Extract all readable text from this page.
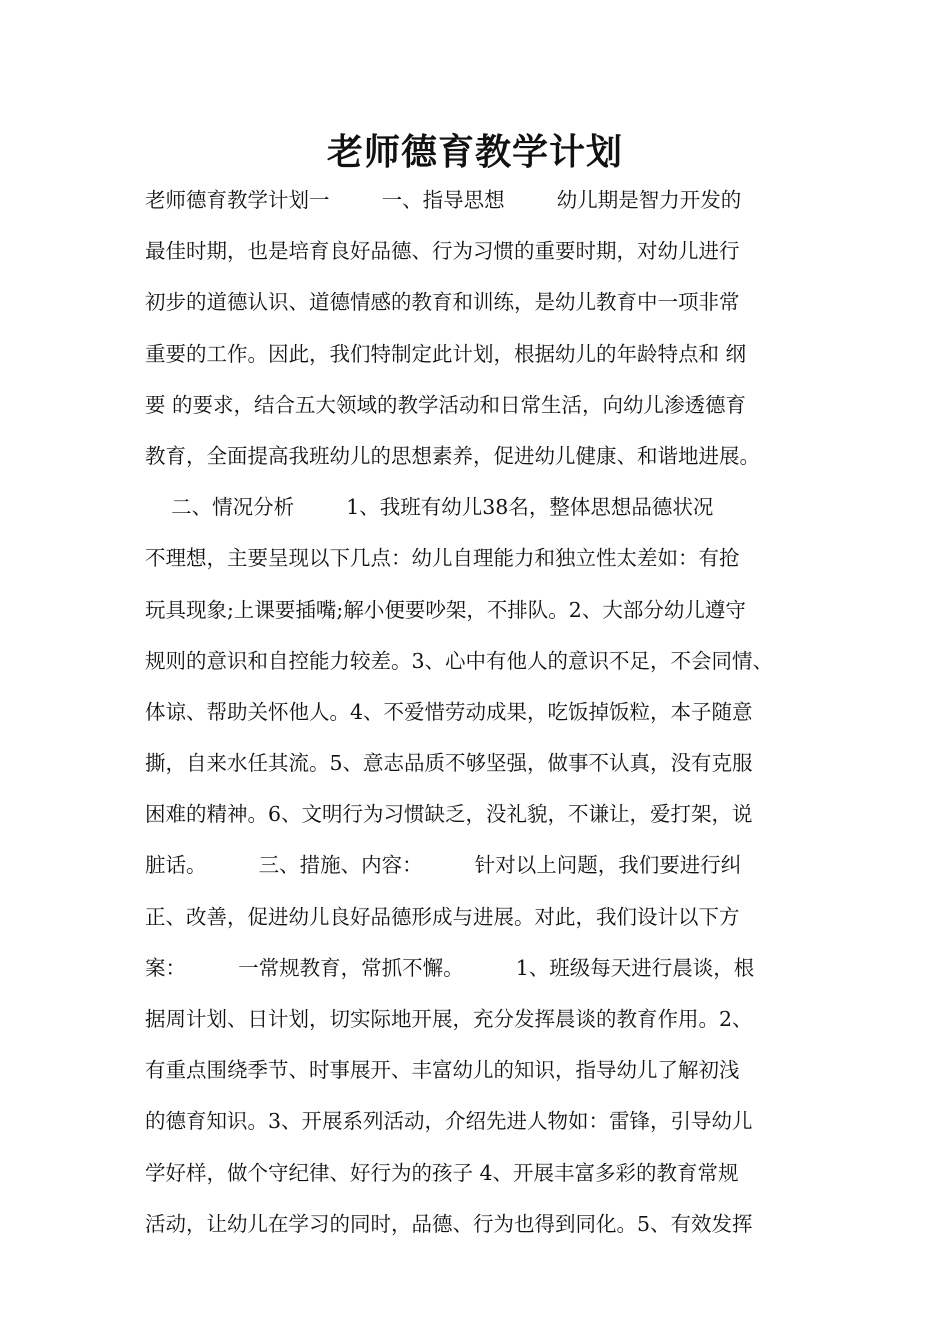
老师德育教学计划
老师德育教学计划一        一、指导思想        幼儿期是智力开发的
最佳时期，也是培育良好品德、行为习惯的重要时期，对幼儿进行
初步的道德认识、道德情感的教育和训练，是幼儿教育中一项非常
重要的工作。因此，我们特制定此计划，根据幼儿的年龄特点和 纲
要 的要求，结合五大领域的教学活动和日常生活，向幼儿渗透德育
教育，全面提高我班幼儿的思想素养，促进幼儿健康、和谐地进展。
二、情况分析        1、我班有幼儿38名，整体思想品德状况
不理想，主要呈现以下几点：幼儿自理能力和独立性太差如：有抢
玩具现象;上课要插嘴;解小便要吵架，不排队。2、大部分幼儿遵守
规则的意识和自控能力较差。3、心中有他人的意识不足，不会同情、
体谅、帮助关怀他人。4、不爱惜劳动成果，吃饭掉饭粒，本子随意
撕，自来水任其流。5、意志品质不够坚强，做事不认真，没有克服
困难的精神。6、文明行为习惯缺乏，没礼貌，不谦让，爱打架，说
脏话。        三、措施、内容：        针对以上问题，我们要进行纠
正、改善，促进幼儿良好品德形成与进展。对此，我们设计以下方
案：        一常规教育，常抓不懈。        1、班级每天进行晨谈，根
据周计划、日计划，切实际地开展，充分发挥晨谈的教育作用。2、
有重点围绕季节、时事展开、丰富幼儿的知识，指导幼儿了解初浅
的德育知识。3、开展系列活动，介绍先进人物如：雷锋，引导幼儿
学好样，做个守纪律、好行为的孩子 4、开展丰富多彩的教育常规
活动，让幼儿在学习的同时，品德、行为也得到同化。5、有效发挥
